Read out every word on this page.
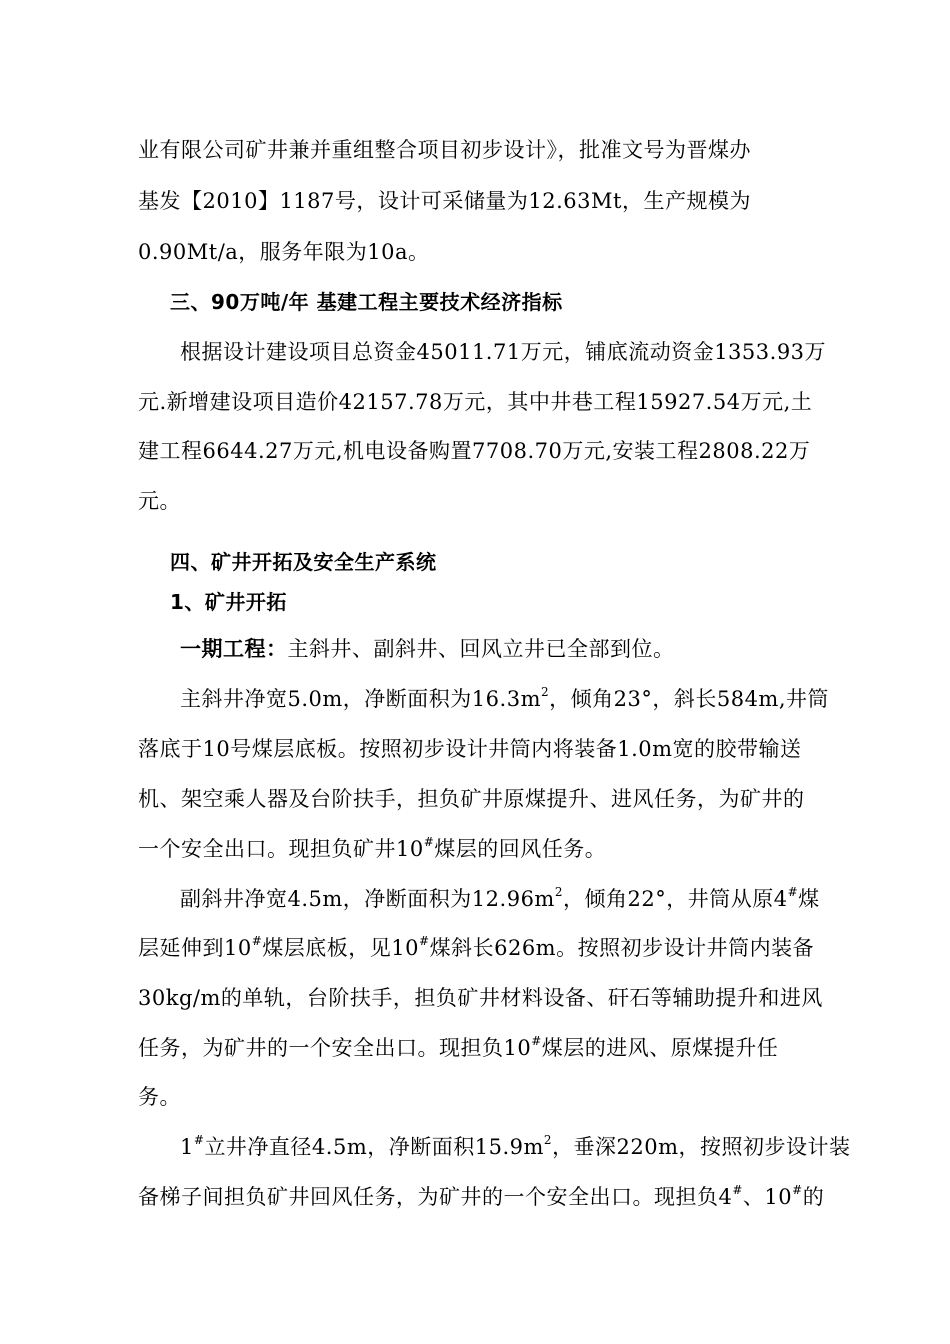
业有限公司矿井兼并重组整合项目初步设计》，批准文号为晋煤办
基发【2010】1187号，设计可采储量为12.63Mt，生产规模为
0.90Mt/a，服务年限为10a。
三、90万吨/年 基建工程主要技术经济指标
根据设计建设项目总资金45011.71万元，铺底流动资金1353.93万
元.新增建设项目造价42157.78万元，其中井巷工程15927.54万元,土
建工程6644.27万元,机电设备购置7708.70万元,安装工程2808.22万
元。
四、矿井开拓及安全生产系统
1、矿井开拓
一期工程：主斜井、副斜井、回风立井已全部到位。
主斜井净宽5.0m，净断面积为$16.3m^2$，倾角23°，斜长584m,井筒
落底于10号煤层底板。按照初步设计井筒内将装备1.0m宽的胶带输送
机、架空乘人器及台阶扶手，担负矿井原煤提升、进风任务，为矿井的
一个安全出口。现担负矿井10#煤层的回风任务。
副斜井净宽4.5m，净断面积为$12.96m^2$，倾角22°，井筒从原4#煤
层延伸到10#煤层底板，见10#煤斜长626m。按照初步设计井筒内装备
30kg/m的单轨，台阶扶手，担负矿井材料设备、矸石等辅助提升和进风
任务，为矿井的一个安全出口。现担负10#煤层的进风、原煤提升任
务。
1#立井净直径4.5m，净断面积$15.9m^2$，垂深220m，按照初步设计装
备梯子间担负矿井回风任务，为矿井的一个安全出口。现担负4#、10#的
